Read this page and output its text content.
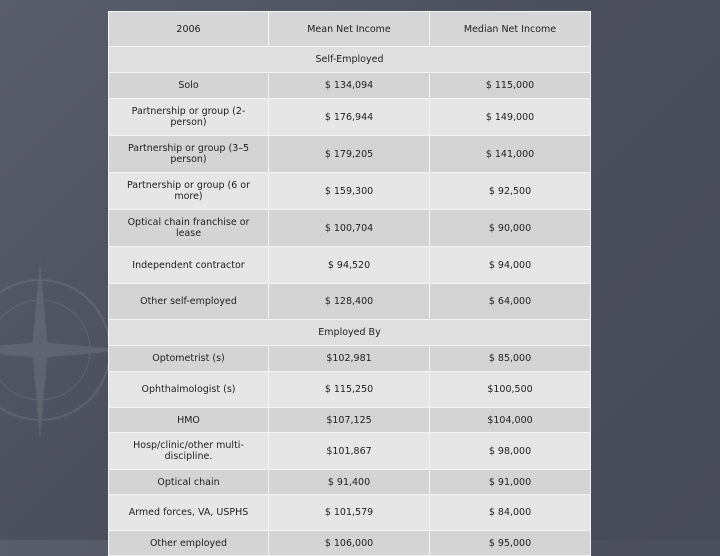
2006	Mean Net Income	Median Net Income
Self-Employed		
Solo	$ 134,094	$ 115,000
Partnership or group (2-person)	$ 176,944	$ 149,000
Partnership or group (3–5 person)	$ 179,205	$ 141,000
Partnership or group (6 or more)	$ 159,300	$ 92,500
Optical chain franchise or lease	$ 100,704	$ 90,000
Independent contractor	$ 94,520	$ 94,000
Other self-employed	$ 128,400	$ 64,000
Employed By		
Optometrist (s)	$102,981	$ 85,000
Ophthalmologist (s)	$ 115,250	$100,500
HMO	$107,125	$104,000
Hosp/clinic/other multi-discipline.	$101,867	$ 98,000
Optical chain	$ 91,400	$ 91,000
Armed forces, VA, USPHS	$ 101,579	$ 84,000
Other employed	$ 106,000	$ 95,000
